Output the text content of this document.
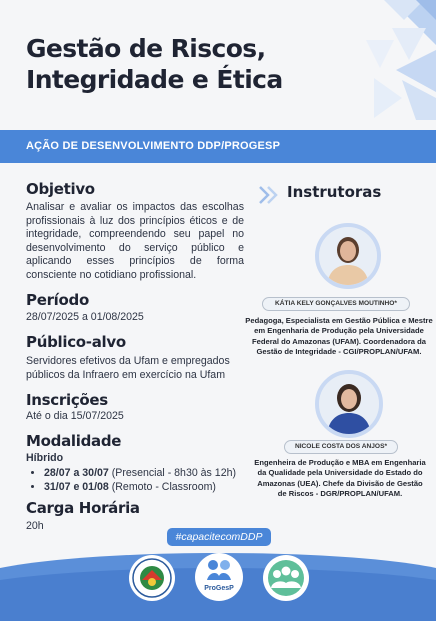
Gestão de Riscos,
Integridade e Ética
AÇÃO DE DESENVOLVIMENTO DDP/PROGESP
Objetivo
Analisar e avaliar os impactos das escolhas profissionais à luz dos princípios éticos e de integridade, compreendendo seu papel no desenvolvimento do serviço público e aplicando esses princípios de forma consciente no cotidiano profissional.
Período
28/07/2025 a 01/08/2025
Público-alvo
Servidores efetivos da Ufam e empregados públicos da Infraero em exercício na Ufam
Inscrições
Até o dia 15/07/2025
Modalidade
Híbrido
• 28/07 a 30/07 (Presencial - 8h30 às 12h)
• 31/07 e 01/08 (Remoto - Classroom)
Carga Horária
20h
Instrutoras
KÁTIA KELY GONÇALVES MOUTINHO*
Pedagoga, Especialista em Gestão Pública e Mestre em Engenharia de Produção pela Universidade Federal do Amazonas (UFAM). Coordenadora da Gestão de Integridade - CGI/PROPLAN/UFAM.
NICOLE COSTA DOS ANJOS*
Engenheira de Produção e MBA em Engenharia da Qualidade pela Universidade do Estado do Amazonas (UEA). Chefe da Divisão de Gestão de Riscos - DGR/PROPLAN/UFAM.
#capacitecomDDP
ProGesP
